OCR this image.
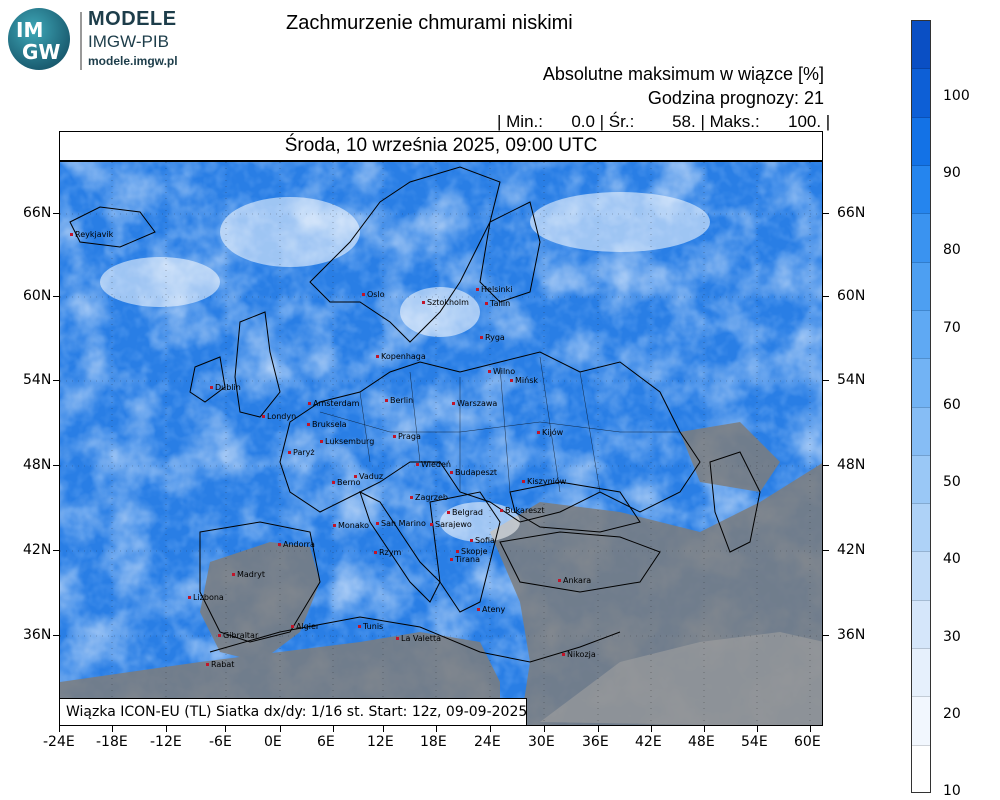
IM
GW
MODELE
IMGW-PIB
modele.imgw.pl
Zachmurzenie chmurami niskimi
Absolutne maksimum w wiązce [%]
Godzina prognozy: 21
| Min.:      0.0 | Śr.:        58. | Maks.:      100. |
Środa, 10 września 2025, 09:00 UTC
Reykjavik
Oslo
Sztokholm
Helsinki
Tallin
Ryga
Kopenhaga
Wilno
Mińsk
Dublin
Amsterdam	Berlin	Warszawa
Londyn
Bruksela
Kijów
Luksemburg
Praga
Paryż
Wiedeń
Budapeszt
Vaduz
Berno	Kiszyniów
Zagrzeb
Belgrad	Bukareszt
Monako	San Marino	Sarajewo
Sofia
Andorra
Rzym	Skopje
Tirana
Madryt
Ankara
Lizbona
Ateny
Gibraltar
Algier	Tunis
La Valetta
Nikozja
Rabat
Wiązka ICON-EU (TL) Siatka dx/dy: 1/16 st. Start: 12z, 09-09-2025
-24E -18E -12E -6E 0E	6E 12E 18E 24E 30E 36E 42E 48E 54E 60E
66N	66N
60N	60N
54N	54N
48N	48N
42N	42N
36N	36N
100
90
80
70
60
50
40
30
20
10
